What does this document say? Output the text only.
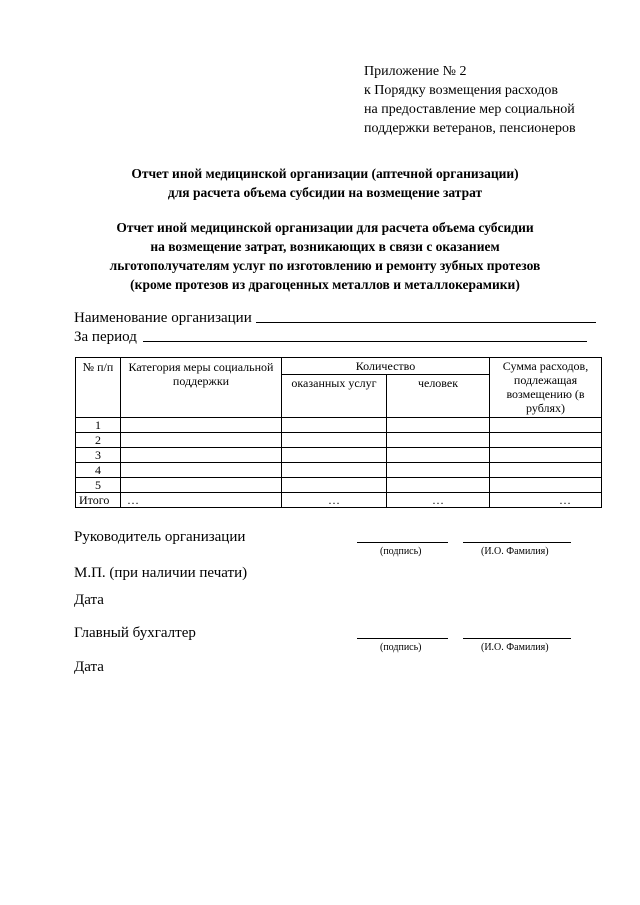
Приложение № 2
к Порядку возмещения расходов
на предоставление мер социальной
поддержки ветеранов, пенсионеров
Отчет иной медицинской организации (аптечной организации)
для расчета объема субсидии на возмещение затрат
Отчет иной медицинской организации для расчета объема субсидии
на возмещение затрат, возникающих в связи с оказанием
льготополучателям услуг по изготовлению и ремонту зубных протезов
(кроме протезов из драгоценных металлов и металлокерамики)
Наименование организации
За период
№ п/п	Категория меры социальной поддержки	Количество		Сумма расходов, подлежащая возмещению (в рублях)
		оказанных услуг	человек	
1				
2				
3				
4				
5				
Итого	…	…	…	…
Руководитель организации
(подпись)	(И.О. Фамилия)
М.П. (при наличии печати)
Дата
Главный бухгалтер
(подпись)	(И.О. Фамилия)
Дата
